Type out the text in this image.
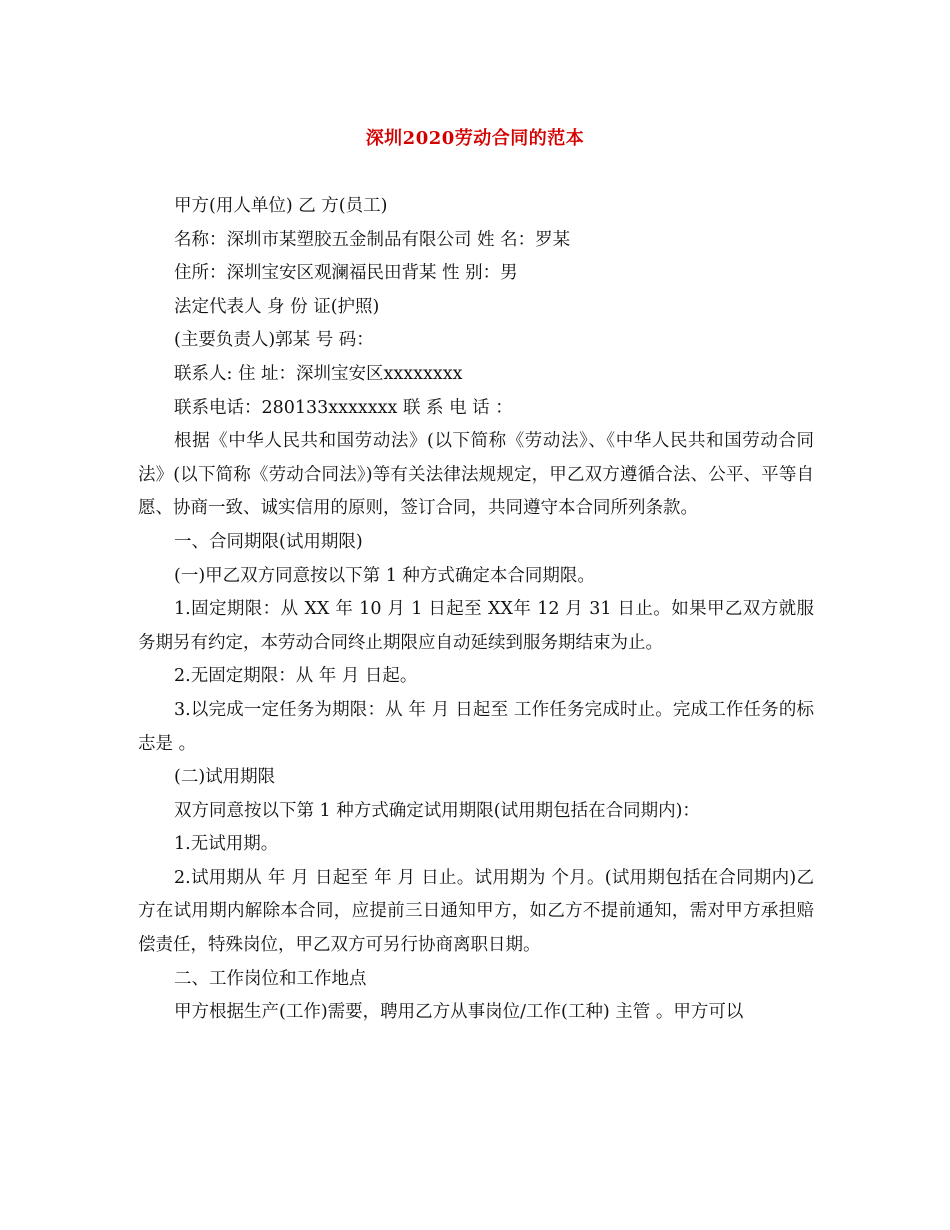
深圳2020劳动合同的范本

甲方(用人单位) 乙 方(员工)

名称：深圳市某塑胶五金制品有限公司 姓 名：罗某

住所：深圳宝安区观澜福民田背某 性 别：男

法定代表人 身 份 证(护照)

(主要负责人)郭某 号 码：

联系人: 住 址：深圳宝安区xxxxxxxx

联系电话：280133xxxxxxx 联 系 电 话 ：

根据《中华人民共和国劳动法》(以下简称《劳动法》、《中华人民共和国劳动合同法》(以下简称《劳动合同法》)等有关法律法规规定，甲乙双方遵循合法、公平、平等自愿、协商一致、诚实信用的原则，签订合同，共同遵守本合同所列条款。

一、合同期限(试用期限)

(一)甲乙双方同意按以下第 1 种方式确定本合同期限。

1.固定期限：从 XX 年 10 月 1 日起至 XX年 12 月 31 日止。如果甲乙双方就服务期另有约定，本劳动合同终止期限应自动延续到服务期结束为止。

2.无固定期限：从 年 月 日起。

3.以完成一定任务为期限：从 年 月 日起至 工作任务完成时止。完成工作任务的标志是 。

(二)试用期限

双方同意按以下第 1 种方式确定试用期限(试用期包括在合同期内)：

1.无试用期。

2.试用期从 年 月 日起至 年 月 日止。试用期为 个月。(试用期包括在合同期内)乙方在试用期内解除本合同，应提前三日通知甲方，如乙方不提前通知，需对甲方承担赔偿责任，特殊岗位，甲乙双方可另行协商离职日期。

二、工作岗位和工作地点

甲方根据生产(工作)需要，聘用乙方从事岗位/工作(工种) 主管 。甲方可以
